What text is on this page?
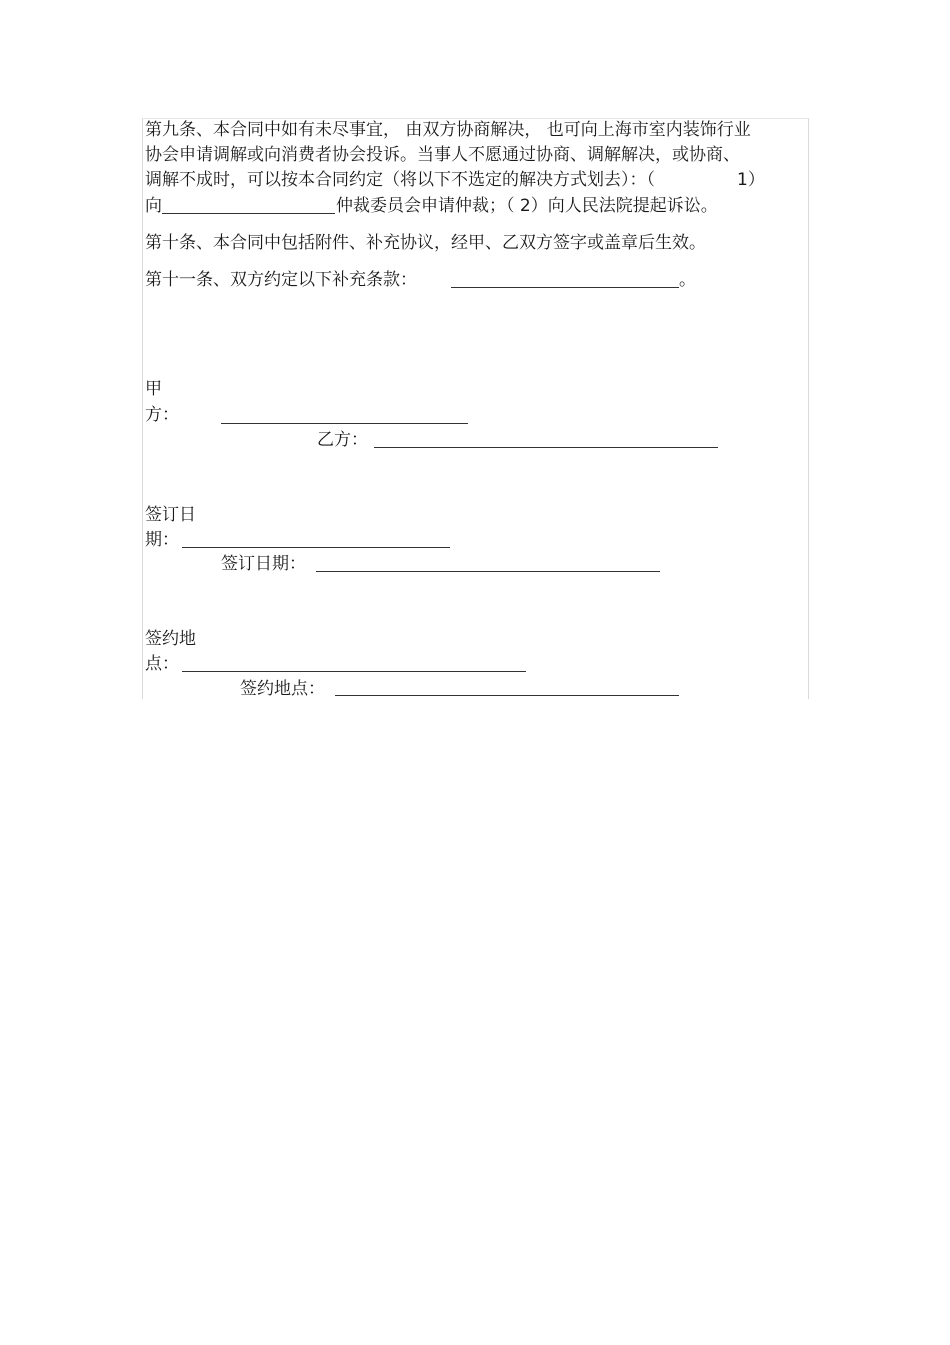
第九条、本合同中如有未尽事宜， 由双方协商解决， 也可向上海市室内装饰行业
协会申请调解或向消费者协会投诉。当事人不愿通过协商、调解解决，或协商、
调解不成时，可以按本合同约定（将以下不选定的解决方式划去）：（	1）
向	仲裁委员会申请仲裁；（ 2）向人民法院提起诉讼。
第十条、本合同中包括附件、补充协议，经甲、乙双方签字或盖章后生效。
第十一条、双方约定以下补充条款：	。
甲
方：
乙方：
签订日
期：
签订日期：
签约地
点：
签约地点：
